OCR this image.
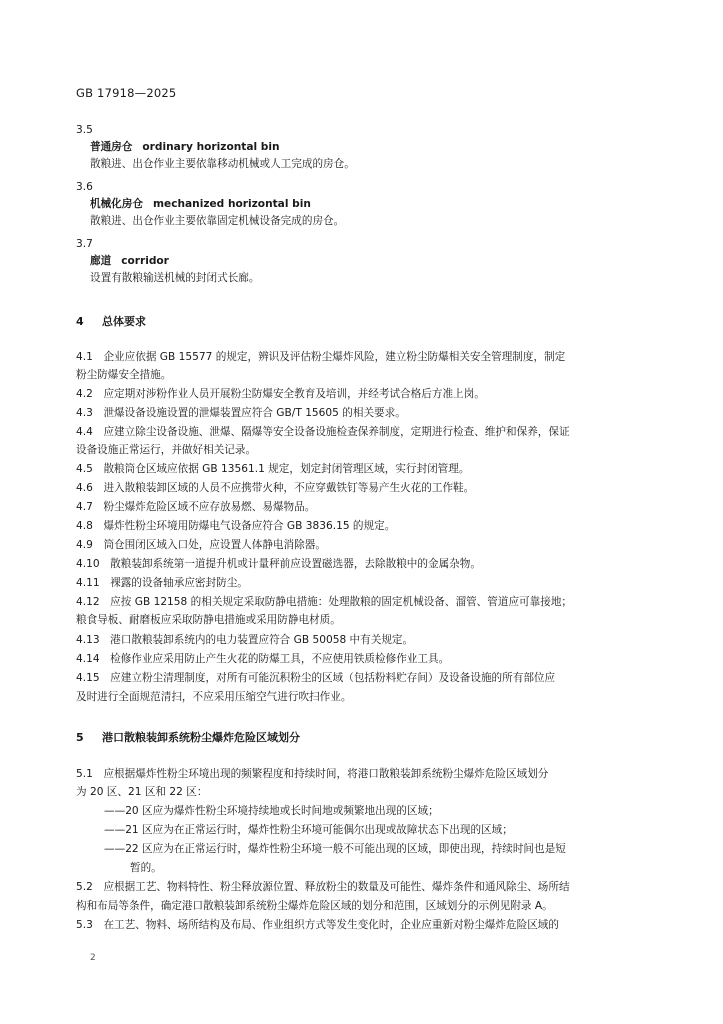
GB 17918—2025
3.5
普通房仓 ordinary horizontal bin
散粮进、出仓作业主要依靠移动机械或人工完成的房仓。
3.6
机械化房仓 mechanized horizontal bin
散粮进、出仓作业主要依靠固定机械设备完成的房仓。
3.7
廊道 corridor
设置有散粮输送机械的封闭式长廊。
4 总体要求
4.1　企业应依据 GB 15577 的规定，辨识及评估粉尘爆炸风险，建立粉尘防爆相关安全管理制度，制定
粉尘防爆安全措施。
4.2　应定期对涉粉作业人员开展粉尘防爆安全教育及培训，并经考试合格后方准上岗。
4.3　泄爆设备设施设置的泄爆装置应符合 GB/T 15605 的相关要求。
4.4　应建立除尘设备设施、泄爆、隔爆等安全设备设施检查保养制度，定期进行检查、维护和保养，保证
设备设施正常运行，并做好相关记录。
4.5　散粮筒仓区域应依据 GB 13561.1 规定，划定封闭管理区域，实行封闭管理。
4.6　进入散粮装卸区域的人员不应携带火种，不应穿戴铁钉等易产生火花的工作鞋。
4.7　粉尘爆炸危险区域不应存放易燃、易爆物品。
4.8　爆炸性粉尘环境用防爆电气设备应符合 GB 3836.15 的规定。
4.9　筒仓围闭区域入口处，应设置人体静电消除器。
4.10　散粮装卸系统第一道提升机或计量秤前应设置磁选器，去除散粮中的金属杂物。
4.11　裸露的设备轴承应密封防尘。
4.12　应按 GB 12158 的相关规定采取防静电措施：处理散粮的固定机械设备、溜管、管道应可靠接地；
粮食导板、耐磨板应采取防静电措施或采用防静电材质。
4.13　港口散粮装卸系统内的电力装置应符合 GB 50058 中有关规定。
4.14　检修作业应采用防止产生火花的防爆工具，不应使用铁质检修作业工具。
4.15　应建立粉尘清理制度，对所有可能沉积粉尘的区域（包括粉料贮存间）及设备设施的所有部位应
及时进行全面规范清扫，不应采用压缩空气进行吹扫作业。
5 港口散粮装卸系统粉尘爆炸危险区域划分
5.1　应根据爆炸性粉尘环境出现的频繁程度和持续时间，将港口散粮装卸系统粉尘爆炸危险区域划分
为 20 区、21 区和 22 区：
——20 区应为爆炸性粉尘环境持续地或长时间地或频繁地出现的区域；
——21 区应为在正常运行时，爆炸性粉尘环境可能偶尔出现或故障状态下出现的区域；
——22 区应为在正常运行时，爆炸性粉尘环境一般不可能出现的区域，即使出现，持续时间也是短
暂的。
5.2　应根据工艺、物料特性、粉尘释放源位置、释放粉尘的数量及可能性、爆炸条件和通风除尘、场所结
构和布局等条件，确定港口散粮装卸系统粉尘爆炸危险区域的划分和范围，区域划分的示例见附录 A。
5.3　在工艺、物料、场所结构及布局、作业组织方式等发生变化时，企业应重新对粉尘爆炸危险区域的
2
